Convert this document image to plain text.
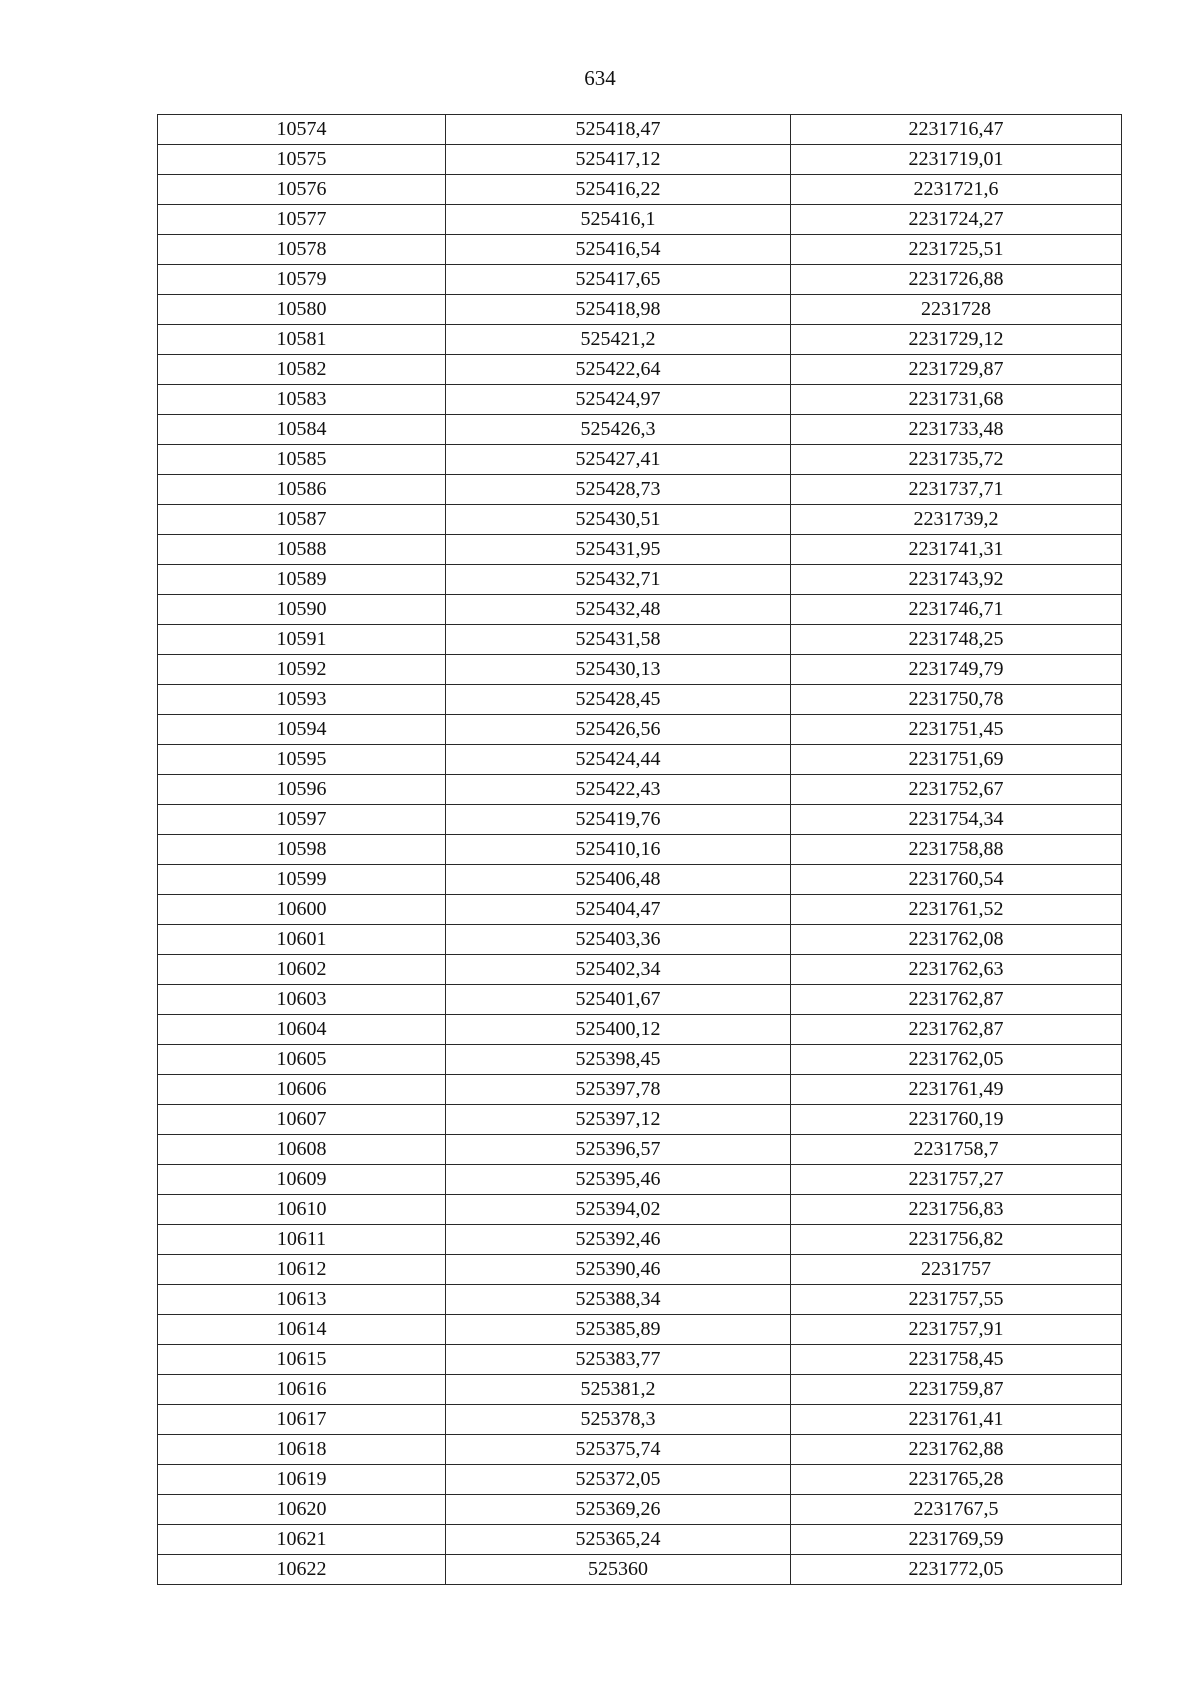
634
10574	525418,47	2231716,47
10575	525417,12	2231719,01
10576	525416,22	2231721,6
10577	525416,1	2231724,27
10578	525416,54	2231725,51
10579	525417,65	2231726,88
10580	525418,98	2231728
10581	525421,2	2231729,12
10582	525422,64	2231729,87
10583	525424,97	2231731,68
10584	525426,3	2231733,48
10585	525427,41	2231735,72
10586	525428,73	2231737,71
10587	525430,51	2231739,2
10588	525431,95	2231741,31
10589	525432,71	2231743,92
10590	525432,48	2231746,71
10591	525431,58	2231748,25
10592	525430,13	2231749,79
10593	525428,45	2231750,78
10594	525426,56	2231751,45
10595	525424,44	2231751,69
10596	525422,43	2231752,67
10597	525419,76	2231754,34
10598	525410,16	2231758,88
10599	525406,48	2231760,54
10600	525404,47	2231761,52
10601	525403,36	2231762,08
10602	525402,34	2231762,63
10603	525401,67	2231762,87
10604	525400,12	2231762,87
10605	525398,45	2231762,05
10606	525397,78	2231761,49
10607	525397,12	2231760,19
10608	525396,57	2231758,7
10609	525395,46	2231757,27
10610	525394,02	2231756,83
10611	525392,46	2231756,82
10612	525390,46	2231757
10613	525388,34	2231757,55
10614	525385,89	2231757,91
10615	525383,77	2231758,45
10616	525381,2	2231759,87
10617	525378,3	2231761,41
10618	525375,74	2231762,88
10619	525372,05	2231765,28
10620	525369,26	2231767,5
10621	525365,24	2231769,59
10622	525360	2231772,05
